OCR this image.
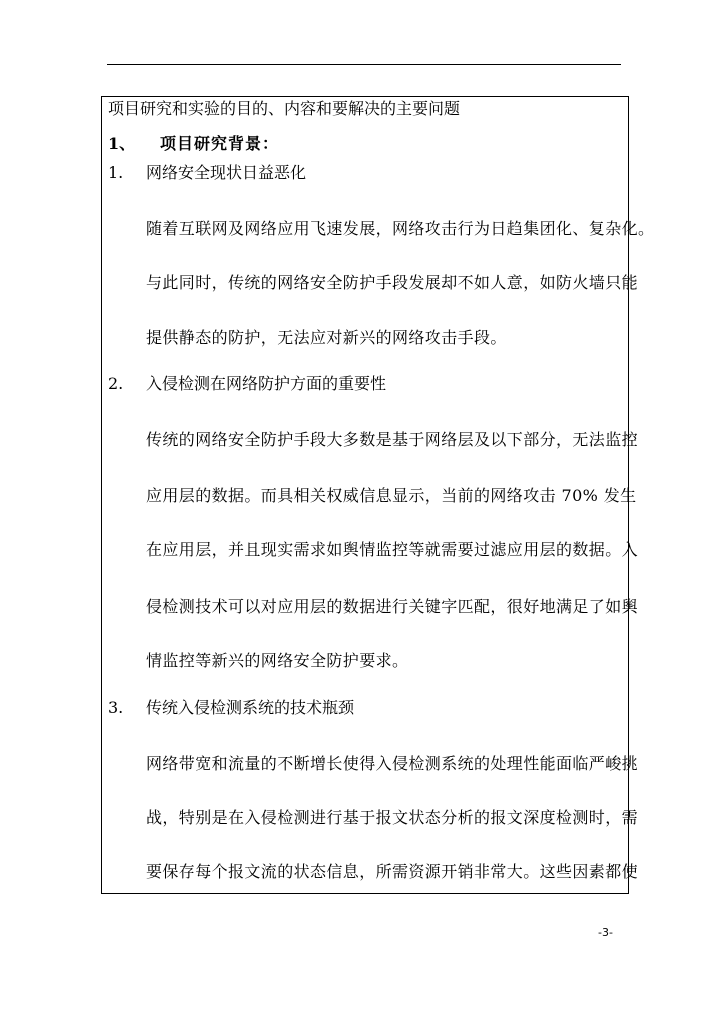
项目研究和实验的目的、内容和要解决的主要问题
1、 项目研究背景：
1. 网络安全现状日益恶化
随着互联网及网络应用飞速发展，网络攻击行为日趋集团化、复杂化。
与此同时，传统的网络安全防护手段发展却不如人意，如防火墙只能
提供静态的防护，无法应对新兴的网络攻击手段。
2. 入侵检测在网络防护方面的重要性
传统的网络安全防护手段大多数是基于网络层及以下部分，无法监控
应用层的数据。而具相关权威信息显示，当前的网络攻击 70% 发生
在应用层，并且现实需求如舆情监控等就需要过滤应用层的数据。入
侵检测技术可以对应用层的数据进行关键字匹配，很好地满足了如舆
情监控等新兴的网络安全防护要求。
3. 传统入侵检测系统的技术瓶颈
网络带宽和流量的不断增长使得入侵检测系统的处理性能面临严峻挑
战，特别是在入侵检测进行基于报文状态分析的报文深度检测时，需
要保存每个报文流的状态信息，所需资源开销非常大。这些因素都使
-3-
